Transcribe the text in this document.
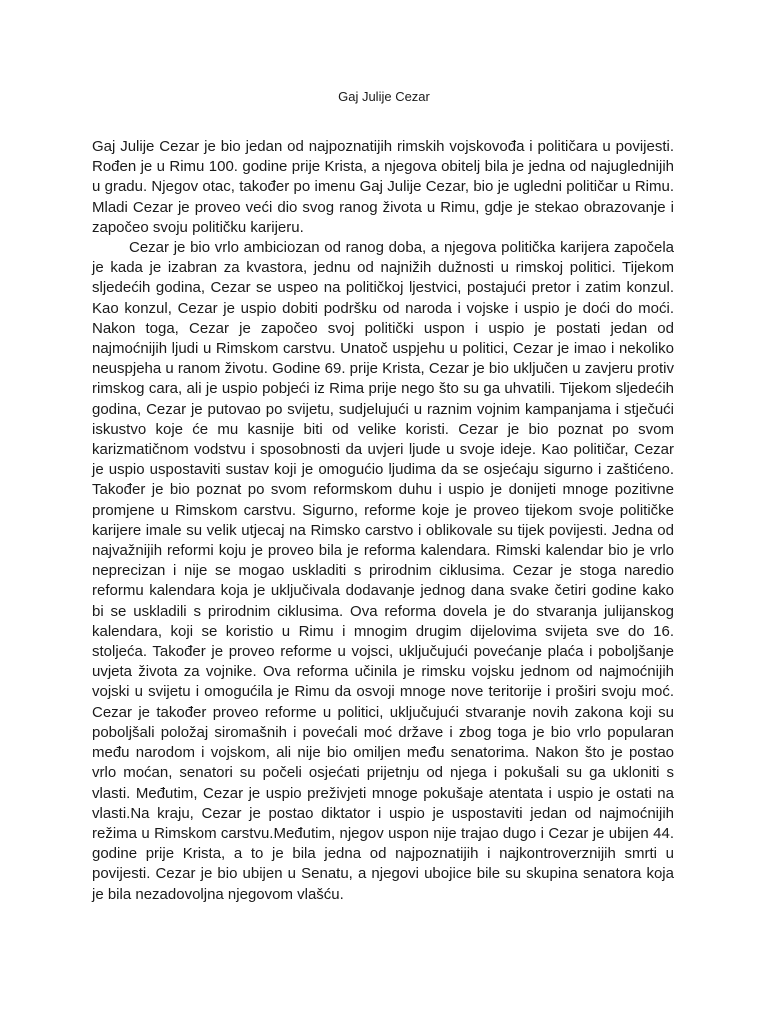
Gaj Julije Cezar

Gaj Julije Cezar je bio jedan od najpoznatijih rimskih vojskovođa i političara u povijesti. Rođen je u Rimu 100. godine prije Krista, a njegova obitelj bila je jedna od najuglednijih u gradu. Njegov otac, također po imenu Gaj Julije Cezar, bio je ugledni političar u Rimu. Mladi Cezar je proveo veći dio svog ranog života u Rimu, gdje je stekao obrazovanje i započeo svoju političku karijeru.

Cezar je bio vrlo ambiciozan od ranog doba, a njegova politička karijera započela je kada je izabran za kvastora, jednu od najnižih dužnosti u rimskoj politici. Tijekom sljedećih godina, Cezar se uspeo na političkoj ljestvici, postajući pretor i zatim konzul. Kao konzul, Cezar je uspio dobiti podršku od naroda i vojske i uspio je doći do moći. Nakon toga, Cezar je započeo svoj politički uspon i uspio je postati jedan od najmoćnijih ljudi u Rimskom carstvu. Unatoč uspjehu u politici, Cezar je imao i nekoliko neuspjeha u ranom životu. Godine 69. prije Krista, Cezar je bio uključen u zavjeru protiv rimskog cara, ali je uspio pobjeći iz Rima prije nego što su ga uhvatili. Tijekom sljedećih godina, Cezar je putovao po svijetu, sudjelujući u raznim vojnim kampanjama i stječući iskustvo koje će mu kasnije biti od velike koristi. Cezar je bio poznat po svom karizmatičnom vodstvu i sposobnosti da uvjeri ljude u svoje ideje. Kao političar, Cezar je uspio uspostaviti sustav koji je omogućio ljudima da se osjećaju sigurno i zaštićeno. Također je bio poznat po svom reformskom duhu i uspio je donijeti mnoge pozitivne promjene u Rimskom carstvu. Sigurno, reforme koje je proveo tijekom svoje političke karijere imale su velik utjecaj na Rimsko carstvo i oblikovale su tijek povijesti. Jedna od najvažnijih reformi koju je proveo bila je reforma kalendara. Rimski kalendar bio je vrlo neprecizan i nije se mogao uskladiti s prirodnim ciklusima. Cezar je stoga naredio reformu kalendara koja je uključivala dodavanje jednog dana svake četiri godine kako bi se uskladili s prirodnim ciklusima. Ova reforma dovela je do stvaranja julijanskog kalendara, koji se koristio u Rimu i mnogim drugim dijelovima svijeta sve do 16. stoljeća. Također je proveo reforme u vojsci, uključujući povećanje plaća i poboljšanje uvjeta života za vojnike. Ova reforma učinila je rimsku vojsku jednom od najmoćnijih vojski u svijetu i omogućila je Rimu da osvoji mnoge nove teritorije i proširi svoju moć. Cezar je također proveo reforme u politici, uključujući stvaranje novih zakona koji su poboljšali položaj siromašnih i povećali moć države i zbog toga je bio vrlo popularan među narodom i vojskom, ali nije bio omiljen među senatorima. Nakon što je postao vrlo moćan, senatori su počeli osjećati prijetnju od njega i pokušali su ga ukloniti s vlasti. Međutim, Cezar je uspio preživjeti mnoge pokušaje atentata i uspio je ostati na vlasti.Na kraju, Cezar je postao diktator i uspio je uspostaviti jedan od najmoćnijih režima u Rimskom carstvu.Međutim, njegov uspon nije trajao dugo i Cezar je ubijen 44. godine prije Krista, a to je bila jedna od najpoznatijih i najkontroverznijih smrti u povijesti. Cezar je bio ubijen u Senatu, a njegovi ubojice bile su skupina senatora koja je bila nezadovoljna njegovom vlašću.
